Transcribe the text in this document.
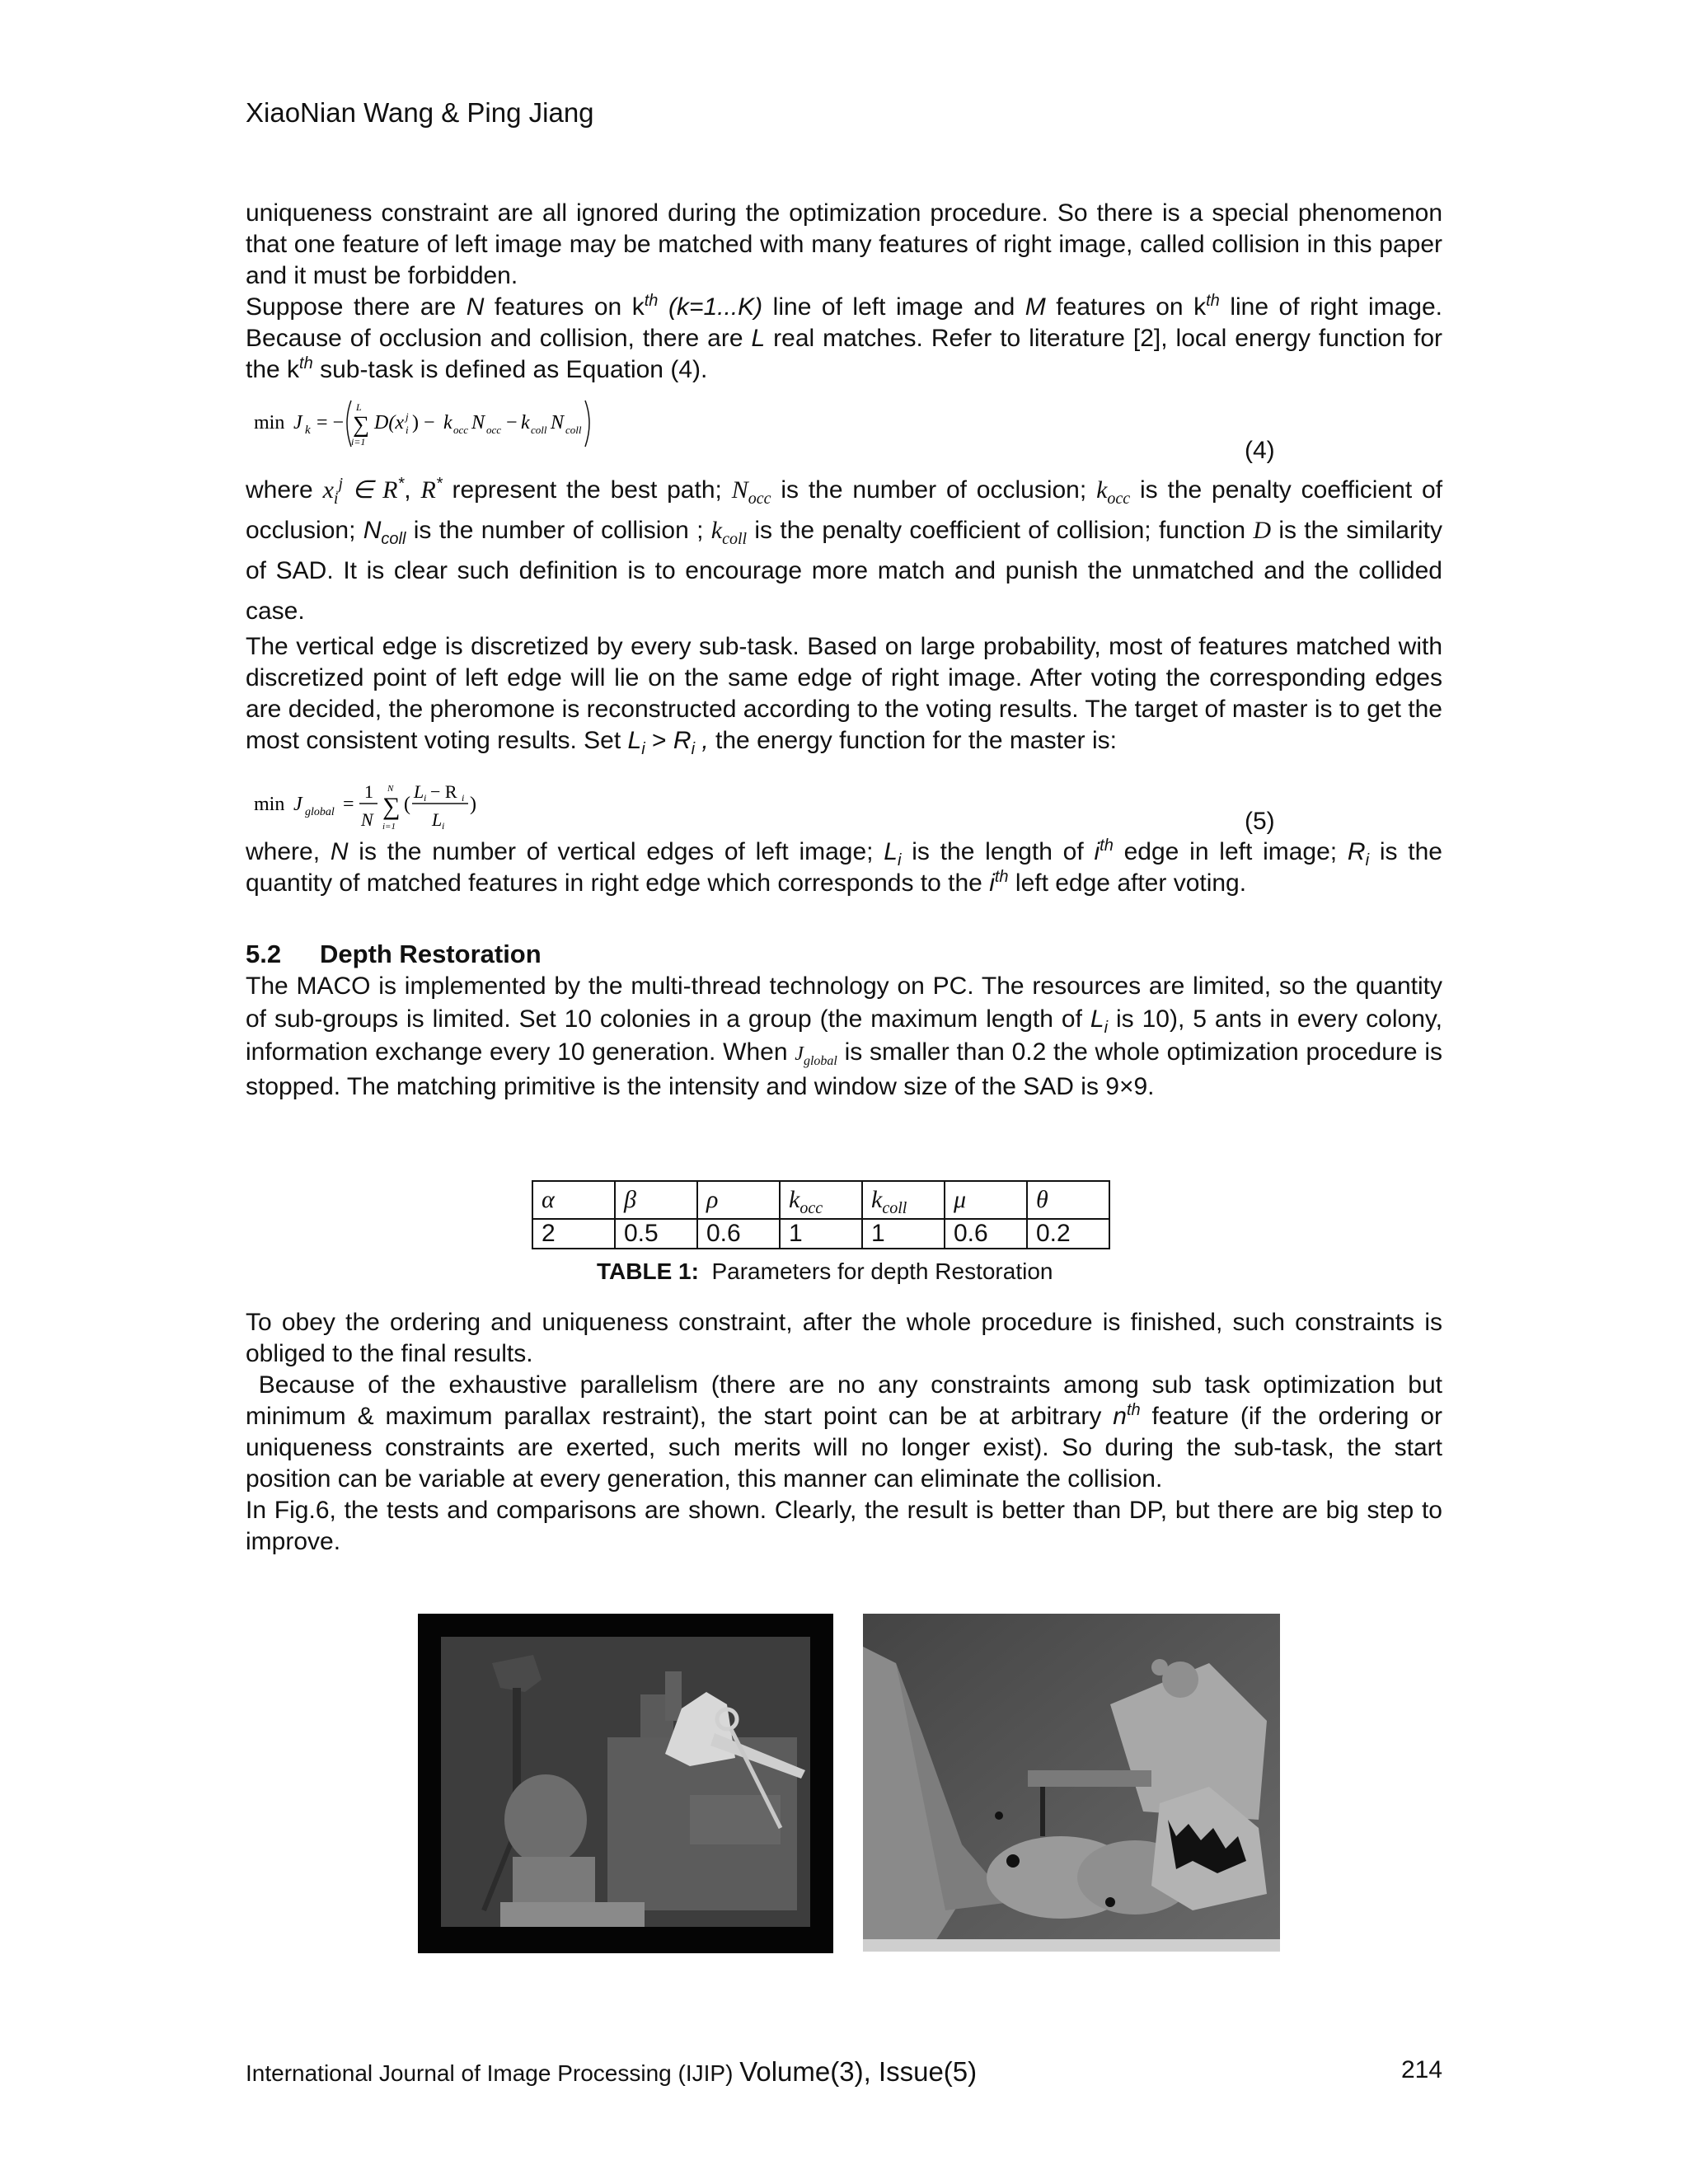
XiaoNian Wang & Ping Jiang

uniqueness constraint are all ignored during the optimization procedure. So there is a special phenomenon that one feature of left image may be matched with many features of right image, called collision in this paper and it must be forbidden.

Suppose there are N features on $k^{th}$ (k=1...K) line of left image and M features on $k^{th}$ line of right image. Because of occlusion and collision, there are L real matches. Refer to literature [2], local energy function for the $k^{th}$ sub-task is defined as Equation (4).

min J k = −
L
∑
i=1
D(x j
i ) − k occ N occ − k coll N coll
(4)

where $x_i^j$ ∈ R*, R* represent the best path; $N_{occ}$ is the number of occlusion; $k_{occ}$ is the penalty coefficient of occlusion; $N_{coll}$ is the number of collision ; $k_{coll}$ is the penalty coefficient of collision; function D is the similarity of SAD. It is clear such definition is to encourage more match and punish the unmatched and the collided case.

The vertical edge is discretized by every sub-task. Based on large probability, most of features matched with discretized point of left edge will lie on the same edge of right image. After voting the corresponding edges are decided, the pheromone is reconstructed according to the voting results. The target of master is to get the most consistent voting results. Set $L_i > R_i$ , the energy function for the master is:

min J global =
1
N
N
∑
i=1
(
L i − R i
L i
)
(5)

where, N is the number of vertical edges of left image; $L_i$ is the length of $i^{th}$ edge in left image; $R_i$ is the quantity of matched features in right edge which corresponds to the $i^{th}$ left edge after voting.

5.2 Depth Restoration

The MACO is implemented by the multi-thread technology on PC. The resources are limited, so the quantity of sub-groups is limited. Set 10 colonies in a group (the maximum length of $L_i$ is 10), 5 ants in every colony, information exchange every 10 generation. When $J_{global}$ is smaller than 0.2 the whole optimization procedure is stopped. The matching primitive is the intensity and window size of the SAD is 9×9.

α	β	ρ	$k_{occ}$	$k_{coll}$	μ	θ
2	0.5	0.6	1	1	0.6	0.2
TABLE 1: Parameters for depth Restoration

To obey the ordering and uniqueness constraint, after the whole procedure is finished, such constraints is obliged to the final results.

Because of the exhaustive parallelism (there are no any constraints among sub task optimization but minimum & maximum parallax restraint), the start point can be at arbitrary $n^{th}$ feature (if the ordering or uniqueness constraints are exerted, such merits will no longer exist). So during the sub-task, the start position can be variable at every generation, this manner can eliminate the collision.

In Fig.6, the tests and comparisons are shown. Clearly, the result is better than DP, but there are big step to improve.

International Journal of Image Processing (IJIP) Volume(3), Issue(5)	214
